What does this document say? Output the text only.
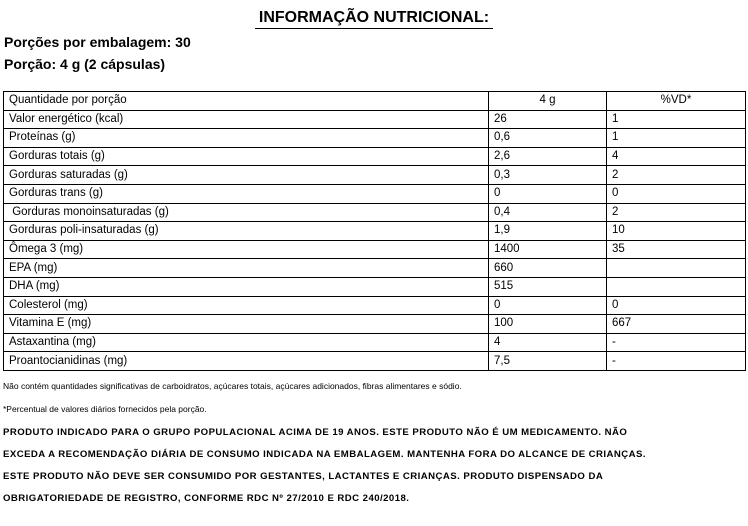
INFORMAÇÃO NUTRICIONAL:
Porções por embalagem: 30
Porção: 4 g (2 cápsulas)
Quantidade por porção	4 g	%VD*
Valor energético (kcal)	26	1
Proteínas (g)	0,6	1
Gorduras totais (g)	2,6	4
Gorduras saturadas (g)	0,3	2
Gorduras trans (g)	0	0
Gorduras monoinsaturadas (g)	0,4	2
Gorduras poli-insaturadas (g)	1,9	10
Ômega 3 (mg)	1400	35
EPA (mg)	660	
DHA (mg)	515	
Colesterol (mg)	0	0
Vitamina E (mg)	100	667
Astaxantina (mg)	4	-
Proantocianidinas (mg)	7,5	-
Não contém quantidades significativas de carboidratos, açúcares totais, açúcares adicionados, fibras alimentares e sódio.
*Percentual de valores diários fornecidos pela porção.
PRODUTO INDICADO PARA O GRUPO POPULACIONAL ACIMA DE 19 ANOS. ESTE PRODUTO NÃO É UM MEDICAMENTO. NÃO
EXCEDA A RECOMENDAÇÃO DIÁRIA DE CONSUMO INDICADA NA EMBALAGEM. MANTENHA FORA DO ALCANCE DE CRIANÇAS.
ESTE PRODUTO NÃO DEVE SER CONSUMIDO POR GESTANTES, LACTANTES E CRIANÇAS. PRODUTO DISPENSADO DA
OBRIGATORIEDADE DE REGISTRO, CONFORME RDC Nº 27/2010 E RDC 240/2018.
